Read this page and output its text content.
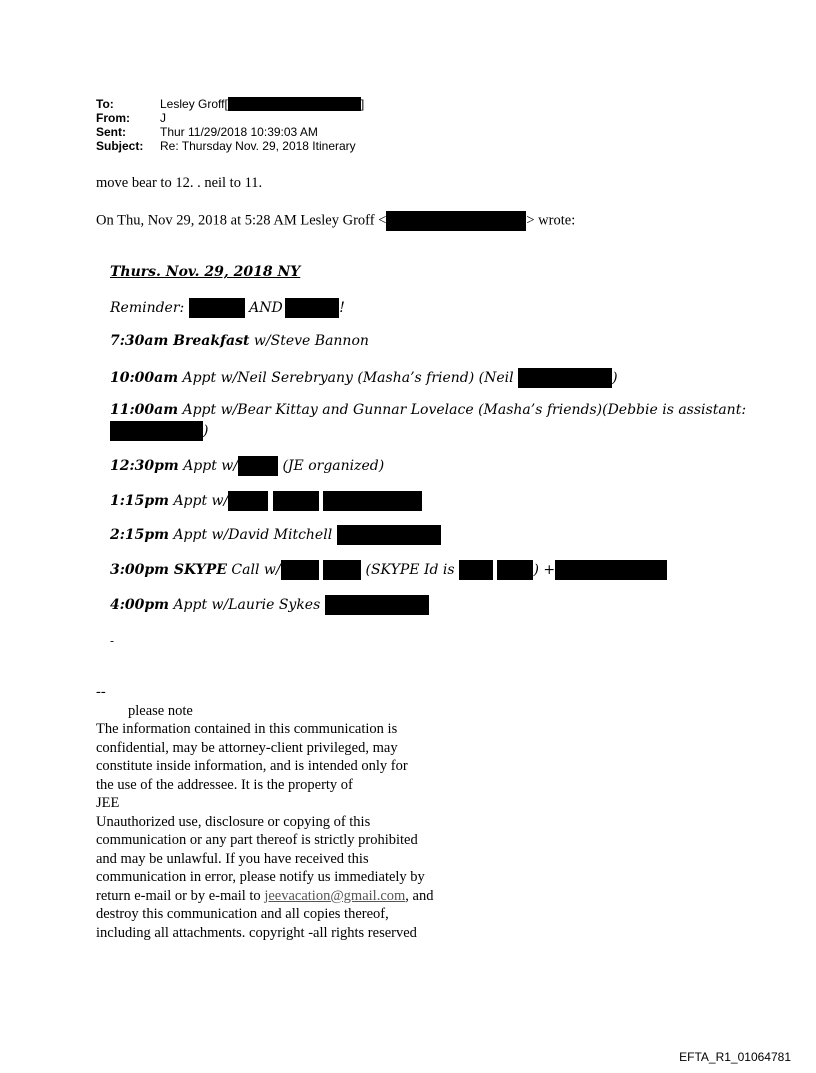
To:	Lesley Groff[	]
From:	J
Sent:	Thur 11/29/2018 10:39:03 AM
Subject:	Re: Thursday Nov. 29, 2018 Itinerary
move bear to 12. . neil to 11.
On Thu, Nov 29, 2018 at 5:28 AM Lesley Groff <	> wrote:
Thurs. Nov. 29, 2018 NY
Reminder:	AND	!
7:30am Breakfast w/Steve Bannon
10:00am Appt w/Neil Serebryany (Masha’s friend) (Neil	)
11:00am Appt w/Bear Kittay and Gunnar Lovelace (Masha’s friends)(Debbie is assistant:
)
12:30pm Appt w/	(JE organized)
1:15pm Appt w/
2:15pm Appt w/David Mitchell
3:00pm SKYPE Call w/	(SKYPE Id is	) +
4:00pm Appt w/Laurie Sykes
-
--
please note
The information contained in this communication is
confidential, may be attorney-client privileged, may
constitute inside information, and is intended only for
the use of the addressee. It is the property of
JEE
Unauthorized use, disclosure or copying of this
communication or any part thereof is strictly prohibited
and may be unlawful. If you have received this
communication in error, please notify us immediately by
return e-mail or by e-mail to jeevacation@gmail.com, and
destroy this communication and all copies thereof,
including all attachments. copyright -all rights reserved
EFTA_R1_01064781
